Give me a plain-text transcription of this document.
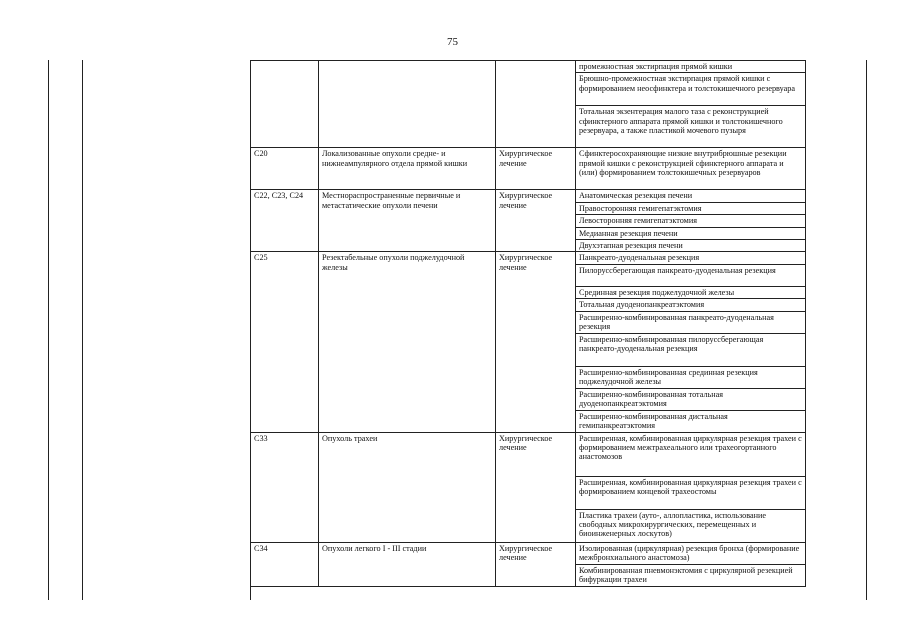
75
			промежностная экстирпация прямой кишки
			Брюшно-промежностная экстирпация прямой кишки с формированием неосфинктера и толстокишечного резервуара
			Тотальная экзентерация малого таза с реконструкцией сфинктерного аппарата прямой кишки и толстокишечного резервуара, а также пластикой мочевого пузыря
C20	Локализованные опухоли средне- и нижнеампулярного отдела прямой кишки	Хирургическое лечение	Сфинктеросохраняющие низкие внутрибрюшные резекции прямой кишки с реконструкцией сфинктерного аппарата и (или) формированием толстокишечных резервуаров
C22, C23, C24	Местнораспространенные первичные и метастатические опухоли печени	Хирургическое лечение	Анатомическая резекция печени
			Правосторонняя гемигепатэктомия
			Левосторонняя гемигепатэктомия
			Медианная резекция печени
			Двухэтапная резекция печени
C25	Резектабельные опухоли поджелудочной железы	Хирургическое лечение	Панкреато-дуоденальная резекция
			Пилоруссберегающая панкреато-дуоденальная резекция
			Срединная резекция поджелудочной железы
			Тотальная дуоденопанкреатэктомия
			Расширенно-комбинированная панкреато-дуоденальная резекция
			Расширенно-комбинированная пилоруссберегающая панкреато-дуоденальная резекция
			Расширенно-комбинированная срединная резекция поджелудочной железы
			Расширенно-комбинированная тотальная дуоденопанкреатэктомия
			Расширенно-комбинированная дистальная гемипанкреатэктомия
C33	Опухоль трахеи	Хирургическое лечение	Расширенная, комбинированная циркулярная резекция трахеи с формированием межтрахеального или трахеогортанного анастомозов
			Расширенная, комбинированная циркулярная резекция трахеи с формированием концевой трахеостомы
			Пластика трахеи (ауто-, аллопластика, использование свободных микрохирургических, перемещенных и биоинженерных лоскутов)
C34	Опухоли легкого I - III стадии	Хирургическое лечение	Изолированная (циркулярная) резекция бронха (формирование межбронхиального анастомоза)
			Комбинированная пневмонэктомия с циркулярной резекцией бифуркации трахеи
